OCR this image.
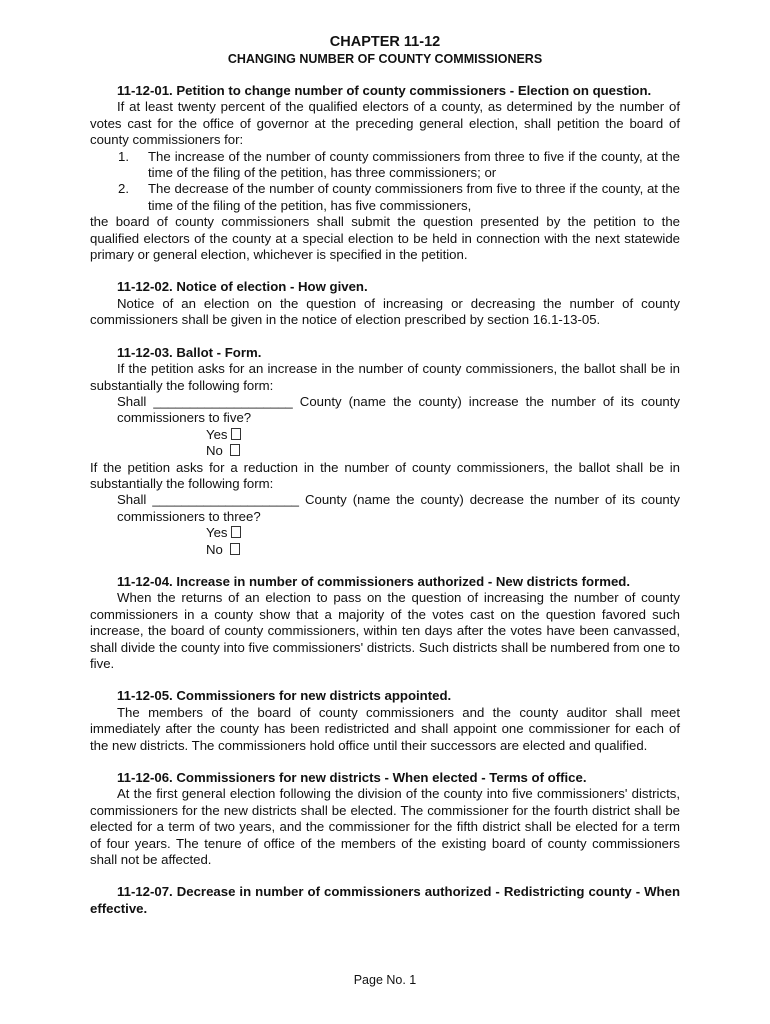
CHAPTER 11-12
CHANGING NUMBER OF COUNTY COMMISSIONERS
11-12-01. Petition to change number of county commissioners - Election on question.
If at least twenty percent of the qualified electors of a county, as determined by the number of votes cast for the office of governor at the preceding general election, shall petition the board of county commissioners for:
1. The increase of the number of county commissioners from three to five if the county, at the time of the filing of the petition, has three commissioners; or
2. The decrease of the number of county commissioners from five to three if the county, at the time of the filing of the petition, has five commissioners,
the board of county commissioners shall submit the question presented by the petition to the qualified electors of the county at a special election to be held in connection with the next statewide primary or general election, whichever is specified in the petition.
11-12-02. Notice of election - How given.
Notice of an election on the question of increasing or decreasing the number of county commissioners shall be given in the notice of election prescribed by section 16.1-13-05.
11-12-03. Ballot - Form.
If the petition asks for an increase in the number of county commissioners, the ballot shall be in substantially the following form:
Shall ___________________ County (name the county) increase the number of its county commissioners to five?
Yes
No
If the petition asks for a reduction in the number of county commissioners, the ballot shall be in substantially the following form:
Shall ____________________ County (name the county) decrease the number of its county commissioners to three?
Yes
No
11-12-04. Increase in number of commissioners authorized - New districts formed.
When the returns of an election to pass on the question of increasing the number of county commissioners in a county show that a majority of the votes cast on the question favored such increase, the board of county commissioners, within ten days after the votes have been canvassed, shall divide the county into five commissioners' districts. Such districts shall be numbered from one to five.
11-12-05. Commissioners for new districts appointed.
The members of the board of county commissioners and the county auditor shall meet immediately after the county has been redistricted and shall appoint one commissioner for each of the new districts. The commissioners hold office until their successors are elected and qualified.
11-12-06. Commissioners for new districts - When elected - Terms of office.
At the first general election following the division of the county into five commissioners' districts, commissioners for the new districts shall be elected. The commissioner for the fourth district shall be elected for a term of two years, and the commissioner for the fifth district shall be elected for a term of four years. The tenure of office of the members of the existing board of county commissioners shall not be affected.
11-12-07. Decrease in number of commissioners authorized - Redistricting county - When effective.
Page No. 1
